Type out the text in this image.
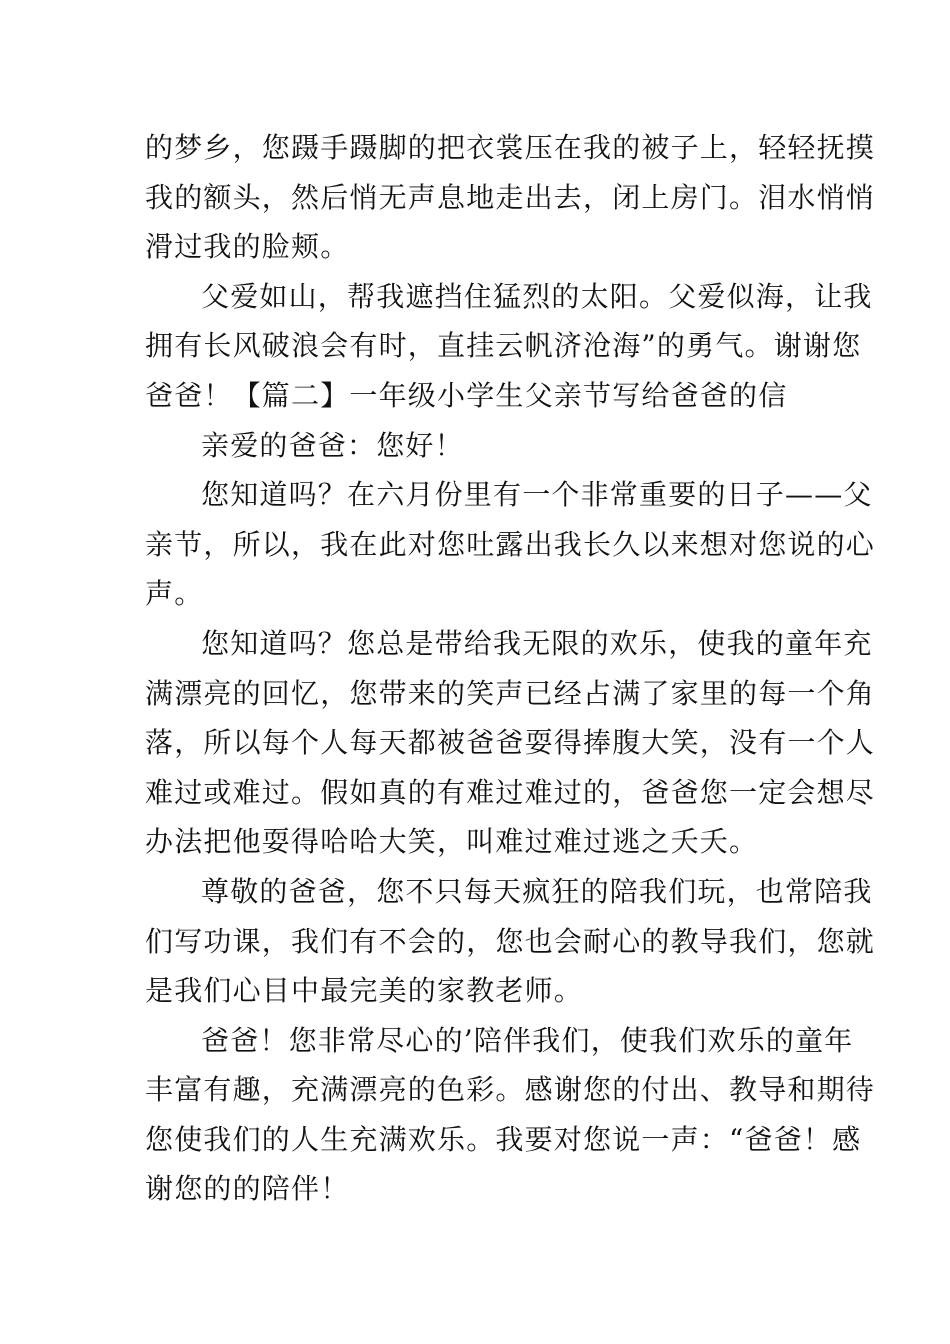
的梦乡，您蹑手蹑脚的把衣裳压在我的被子上，轻轻抚摸
我的额头，然后悄无声息地走出去，闭上房门。泪水悄悄
滑过我的脸颊。

父爱如山，帮我遮挡住猛烈的太阳。父爱似海，让我
拥有长风破浪会有时，直挂云帆济沧海”的勇气。谢谢您
爸爸！【篇二】一年级小学生父亲节写给爸爸的信

亲爱的爸爸：您好！

您知道吗？在六月份里有一个非常重要的日子——父
亲节，所以，我在此对您吐露出我长久以来想对您说的心
声。

您知道吗？您总是带给我无限的欢乐，使我的童年充
满漂亮的回忆，您带来的笑声已经占满了家里的每一个角
落，所以每个人每天都被爸爸耍得捧腹大笑，没有一个人
难过或难过。假如真的有难过难过的，爸爸您一定会想尽
办法把他耍得哈哈大笑，叫难过难过逃之夭夭。

尊敬的爸爸，您不只每天疯狂的陪我们玩，也常陪我
们写功课，我们有不会的，您也会耐心的教导我们，您就
是我们心目中最完美的家教老师。

爸爸！您非常尽心的’陪伴我们，使我们欢乐的童年
丰富有趣，充满漂亮的色彩。感谢您的付出、教导和期待
您使我们的人生充满欢乐。我要对您说一声：“爸爸！感
谢您的的陪伴！
